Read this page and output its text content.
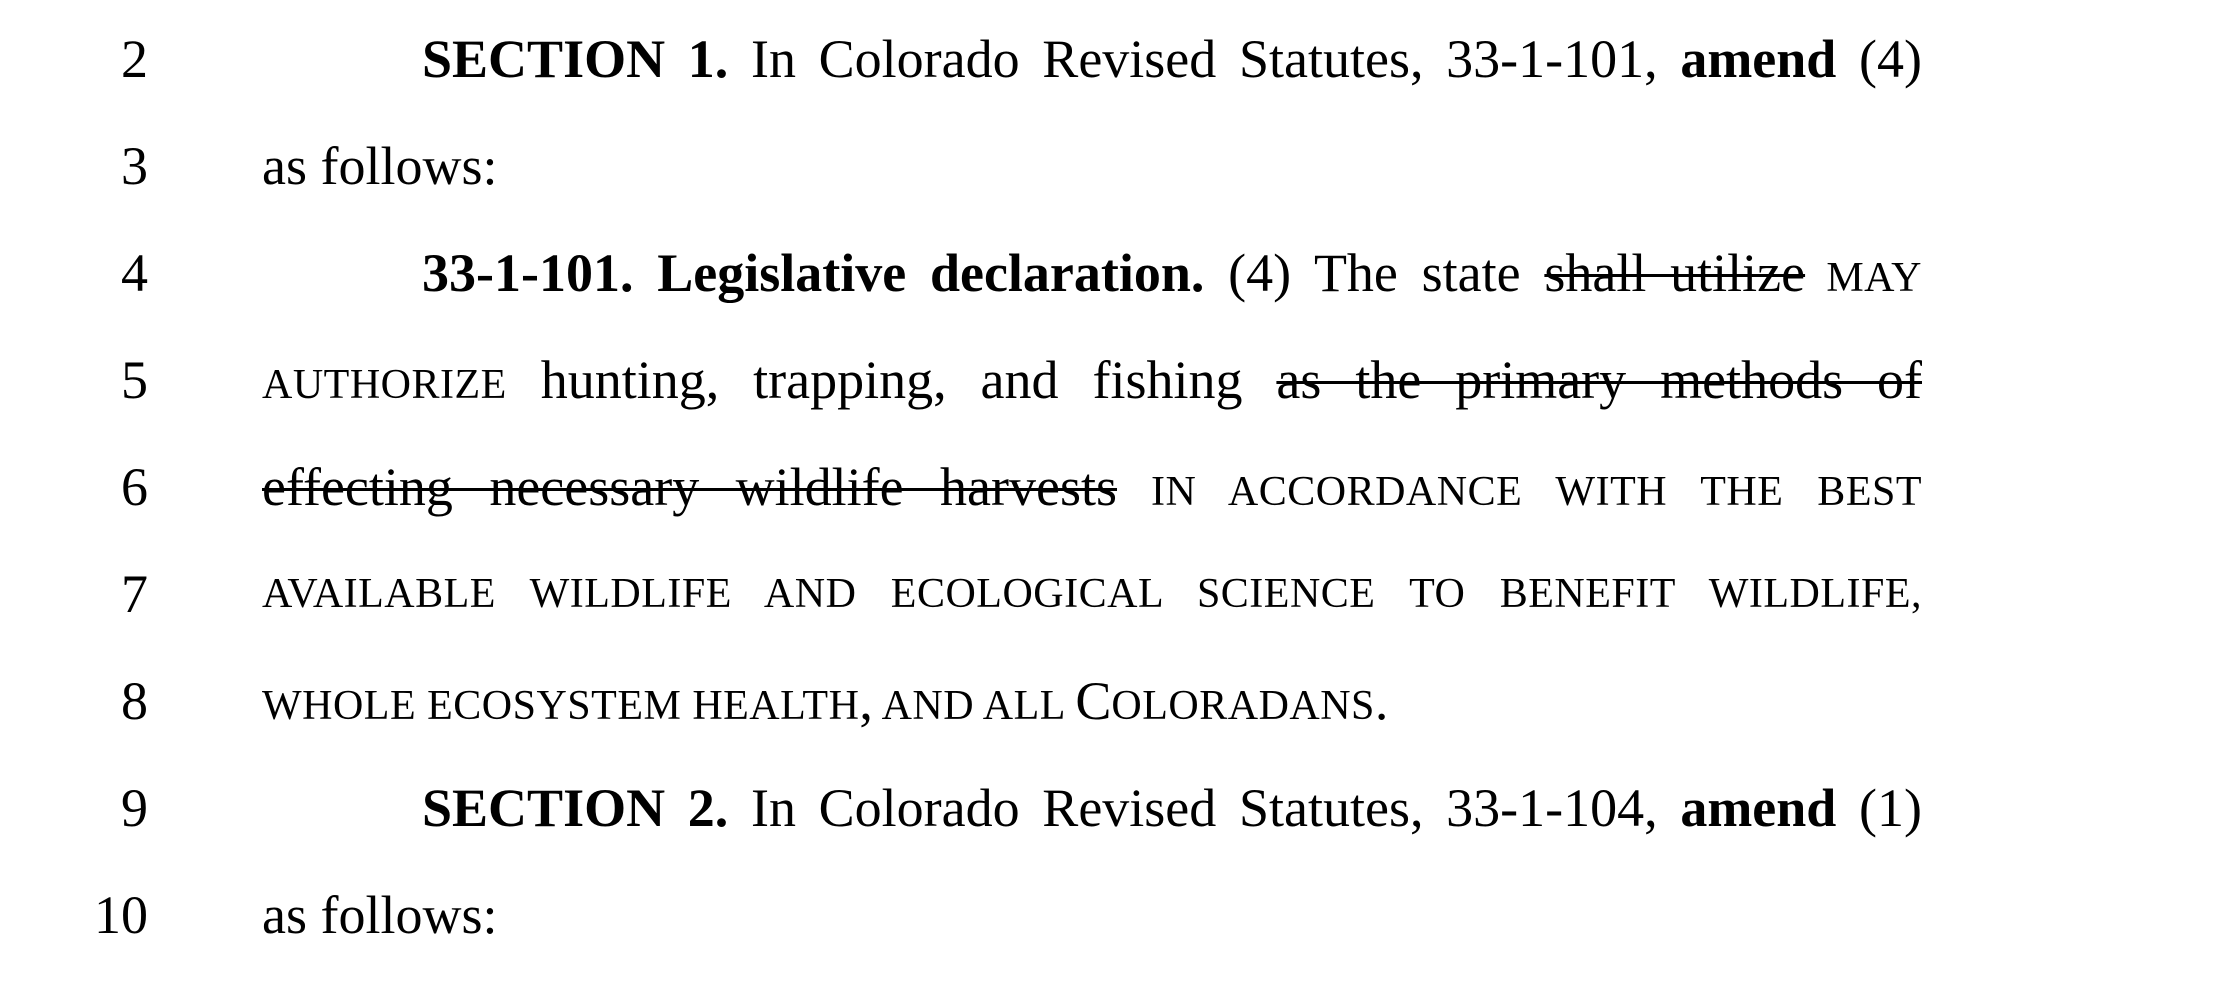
2	SECTION 1. In Colorado Revised Statutes, 33-1-101, amend (4)
3 as follows:
4	33-1-101. Legislative declaration. (4) The state shall utilize MAY
5	AUTHORIZE hunting, trapping, and fishing as the primary methods of
6 effecting necessary wildlife harvests IN ACCORDANCE WITH THE BEST
7	AVAILABLE WILDLIFE AND ECOLOGICAL SCIENCE TO BENEFIT WILDLIFE,
8	WHOLE ECOSYSTEM HEALTH, AND ALL COLORADANS.
9	SECTION 2. In Colorado Revised Statutes, 33-1-104, amend (1)
10 as follows:
